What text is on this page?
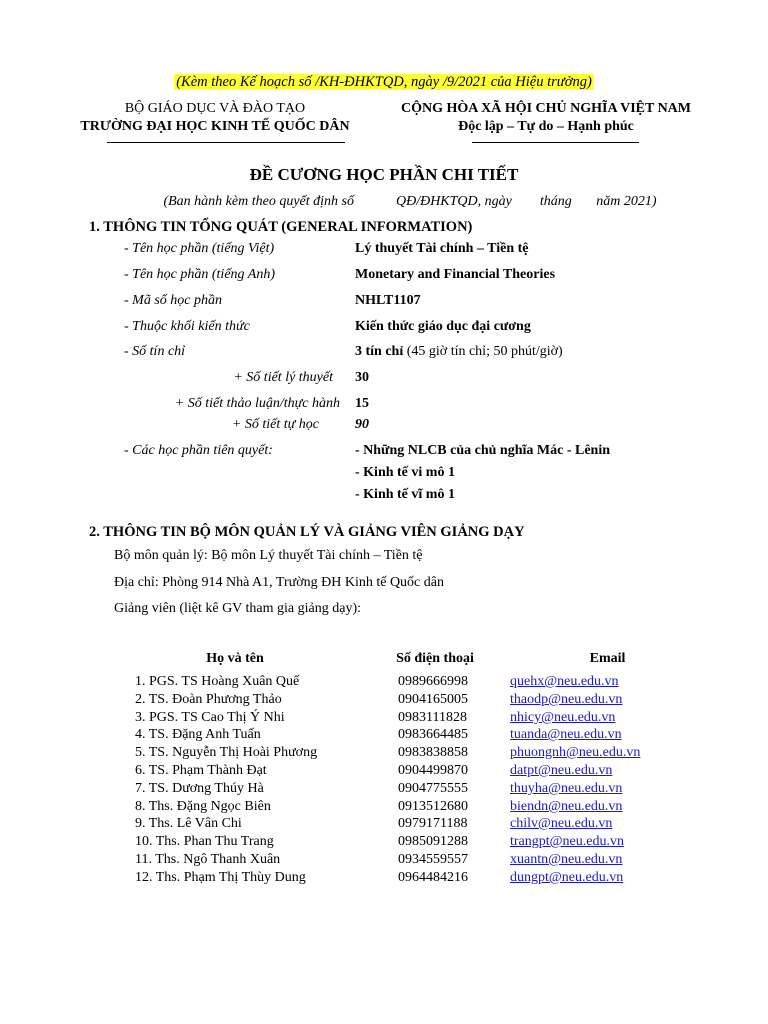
(Kèm theo Kế hoạch số /KH-ĐHKTQD, ngày /9/2021 của Hiệu trưởng)
BỘ GIÁO DỤC VÀ ĐÀO TẠO
TRƯỜNG ĐẠI HỌC KINH TẾ QUỐC DÂN
CỘNG HÒA XÃ HỘI CHỦ NGHĨA VIỆT NAM
Độc lập – Tự do – Hạnh phúc
ĐỀ CƯƠNG HỌC PHẦN CHI TIẾT
(Ban hành kèm theo quyết định số            QĐ/ĐHKTQD, ngày        tháng       năm 2021)
1. THÔNG TIN TỔNG QUÁT (GENERAL INFORMATION)
- Tên học phần (tiếng Việt)	Lý thuyết Tài chính – Tiền tệ
- Tên học phần (tiếng Anh)	Monetary and Financial Theories
- Mã số học phần	NHLT1107
- Thuộc khối kiến thức	Kiến thức giáo dục đại cương
- Số tín chỉ	3 tín chỉ (45 giờ tín chỉ; 50 phút/giờ)
+ Số tiết lý thuyết 30
+ Số tiết thảo luận/thực hành 15
+ Số tiết tự học	90
- Các học phần tiên quyết:	- Những NLCB của chủ nghĩa Mác - Lênin
- Kinh tế vi mô 1
- Kinh tế vĩ mô 1
2. THÔNG TIN BỘ MÔN QUẢN LÝ VÀ GIẢNG VIÊN GIẢNG DẠY
Bộ môn quản lý: Bộ môn Lý thuyết Tài chính – Tiền tệ
Địa chỉ: Phòng 914 Nhà A1, Trường ĐH Kinh tế Quốc dân
Giảng viên (liệt kê GV tham gia giảng dạy):
Họ và tên	Số điện thoại	Email
1. PGS. TS Hoàng Xuân Quế	0989666998	quehx@neu.edu.vn
2. TS. Đoàn Phương Thảo	0904165005	thaodp@neu.edu.vn
3. PGS. TS Cao Thị Ý Nhi	0983111828	nhicy@neu.edu.vn
4. TS. Đặng Anh Tuấn	0983664485	tuanda@neu.edu.vn
5. TS. Nguyễn Thị Hoài Phương	0983838858	phuongnh@neu.edu.vn
6. TS. Phạm Thành Đạt	0904499870	datpt@neu.edu.vn
7. TS. Dương Thúy Hà	0904775555	thuyha@neu.edu.vn
8. Ths. Đặng Ngọc Biên	0913512680	biendn@neu.edu.vn
9. Ths. Lê Vân Chi	0979171188	chilv@neu.edu.vn
10. Ths. Phan Thu Trang	0985091288	trangpt@neu.edu.vn
11. Ths. Ngô Thanh Xuân	0934559557	xuantn@neu.edu.vn
12. Ths. Phạm Thị Thùy Dung	0964484216	dungpt@neu.edu.vn
